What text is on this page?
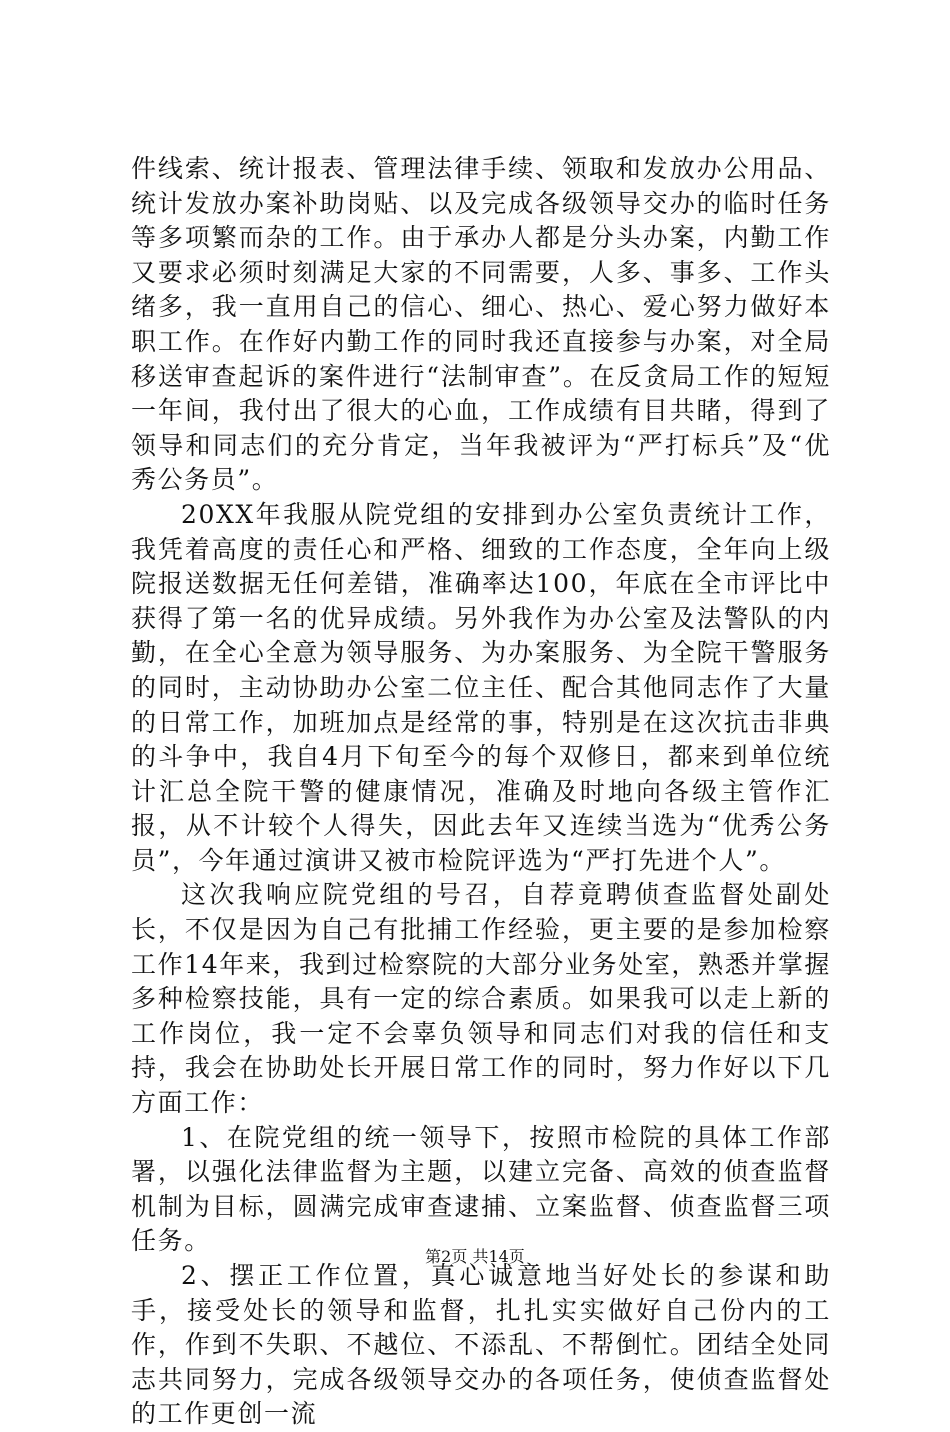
件线索、统计报表、管理法律手续、领取和发放办公用品、统计发放办案补助岗贴、以及完成各级领导交办的临时任务等多项繁而杂的工作。由于承办人都是分头办案，内勤工作又要求必须时刻满足大家的不同需要，人多、事多、工作头绪多，我一直用自己的信心、细心、热心、爱心努力做好本职工作。在作好内勤工作的同时我还直接参与办案，对全局移送审查起诉的案件进行“法制审查”。在反贪局工作的短短一年间，我付出了很大的心血，工作成绩有目共睹，得到了领导和同志们的充分肯定，当年我被评为“严打标兵”及“优秀公务员”。

20XX年我服从院党组的安排到办公室负责统计工作，我凭着高度的责任心和严格、细致的工作态度，全年向上级院报送数据无任何差错，准确率达100，年底在全市评比中获得了第一名的优异成绩。另外我作为办公室及法警队的内勤，在全心全意为领导服务、为办案服务、为全院干警服务的同时，主动协助办公室二位主任、配合其他同志作了大量的日常工作，加班加点是经常的事，特别是在这次抗击非典的斗争中，我自4月下旬至今的每个双修日，都来到单位统计汇总全院干警的健康情况，准确及时地向各级主管作汇报，从不计较个人得失，因此去年又连续当选为“优秀公务员”，今年通过演讲又被市检院评选为“严打先进个人”。

这次我响应院党组的号召，自荐竟聘侦查监督处副处长，不仅是因为自己有批捕工作经验，更主要的是参加检察工作14年来，我到过检察院的大部分业务处室，熟悉并掌握多种检察技能，具有一定的综合素质。如果我可以走上新的工作岗位，我一定不会辜负领导和同志们对我的信任和支持，我会在协助处长开展日常工作的同时，努力作好以下几方面工作：

1、在院党组的统一领导下，按照市检院的具体工作部署，以强化法律监督为主题，以建立完备、高效的侦查监督机制为目标，圆满完成审查逮捕、立案监督、侦查监督三项任务。

2、摆正工作位置，真心诚意地当好处长的参谋和助手，接受处长的领导和监督，扎扎实实做好自己份内的工作，作到不失职、不越位、不添乱、不帮倒忙。团结全处同志共同努力，完成各级领导交办的各项任务，使侦查监督处的工作更创一流

第2页 共14页
